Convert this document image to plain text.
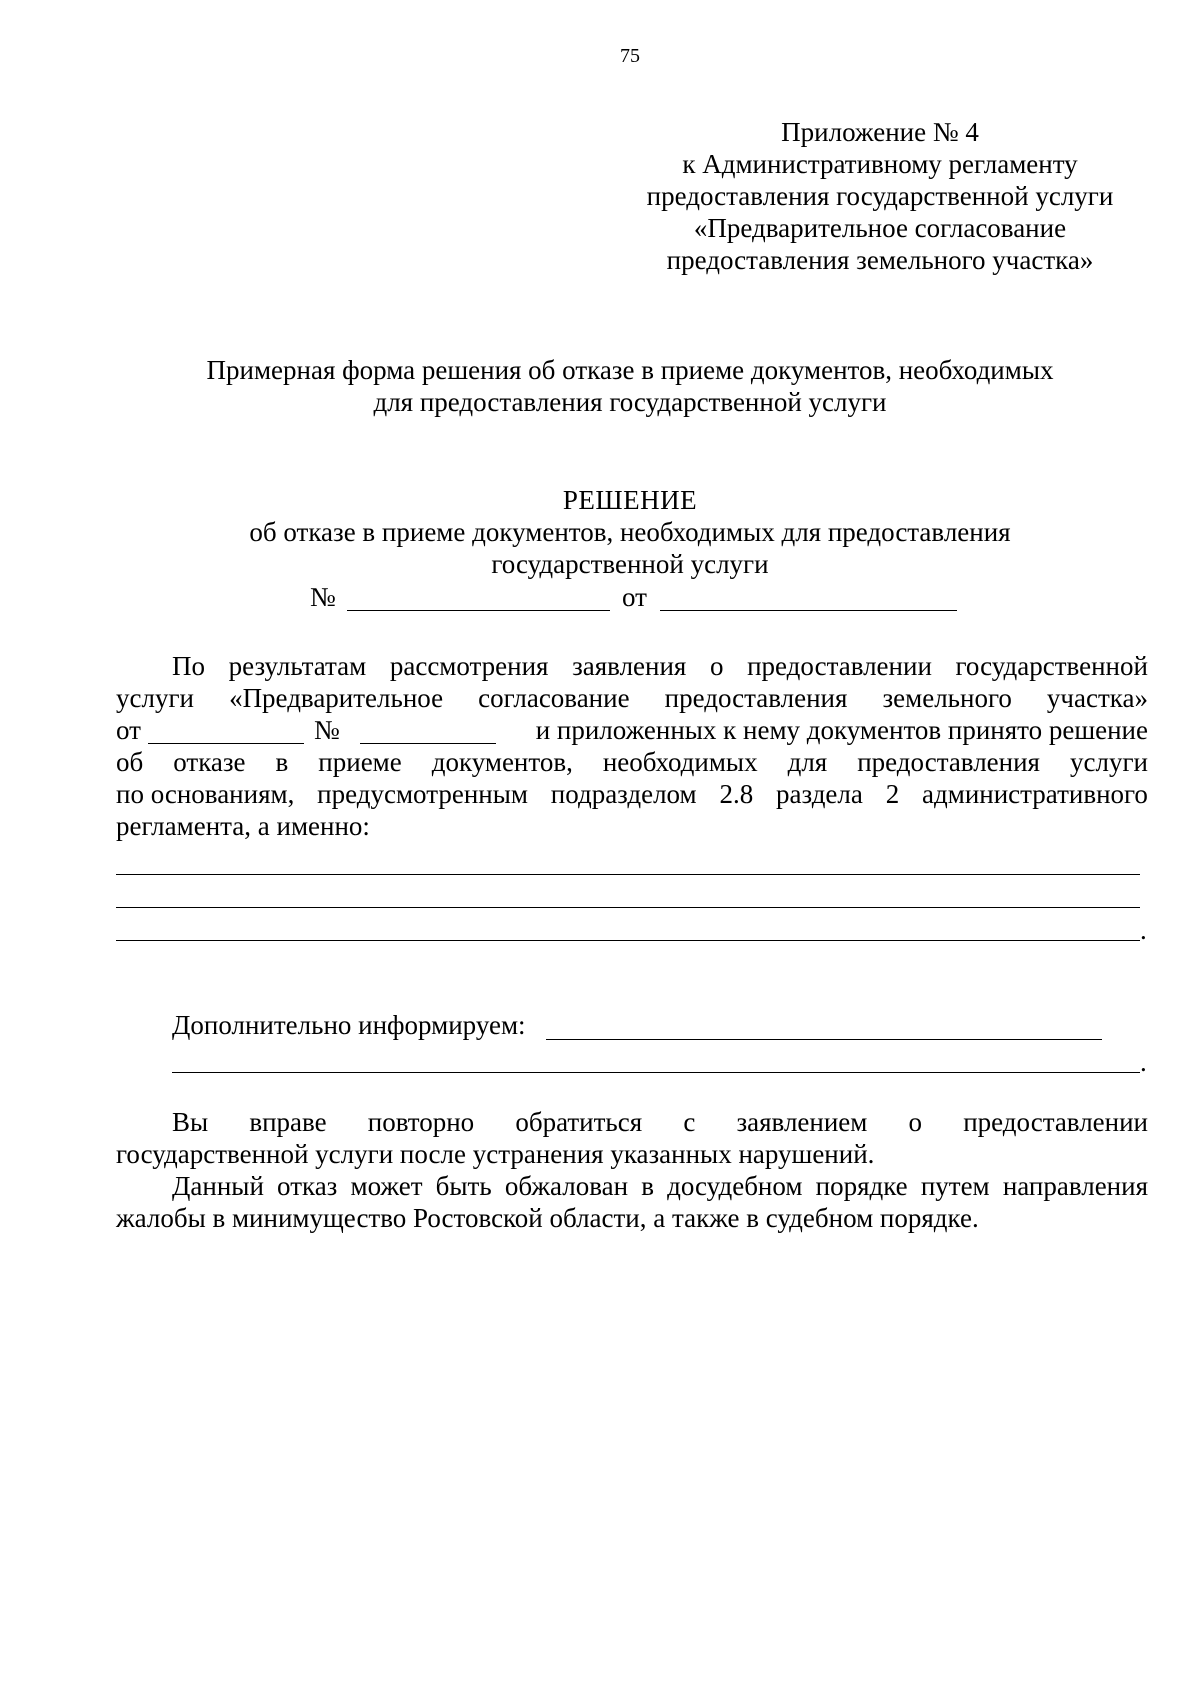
75
Приложение № 4
к Административному регламенту
предоставления государственной услуги
«Предварительное согласование
предоставления земельного участка»
Примерная форма решения об отказе в приеме документов, необходимых
для предоставления государственной услуги
РЕШЕНИЕ
об отказе в приеме документов, необходимых для предоставления
государственной услуги
№	от
По результатам рассмотрения заявления о предоставлении государственной
услуги «Предварительное согласование предоставления земельного участка»
от	№	и приложенных к нему документов принято решение
об отказе в приеме документов, необходимых для предоставления услуги
по основаниям, предусмотренным подразделом 2.8 раздела 2 административного
регламента, а именно:
.
Дополнительно информируем:
.
Вы вправе повторно обратиться с заявлением о предоставлении
государственной услуги после устранения указанных нарушений.
Данный отказ может быть обжалован в досудебном порядке путем направления
жалобы в минимущество Ростовской области, а также в судебном порядке.
